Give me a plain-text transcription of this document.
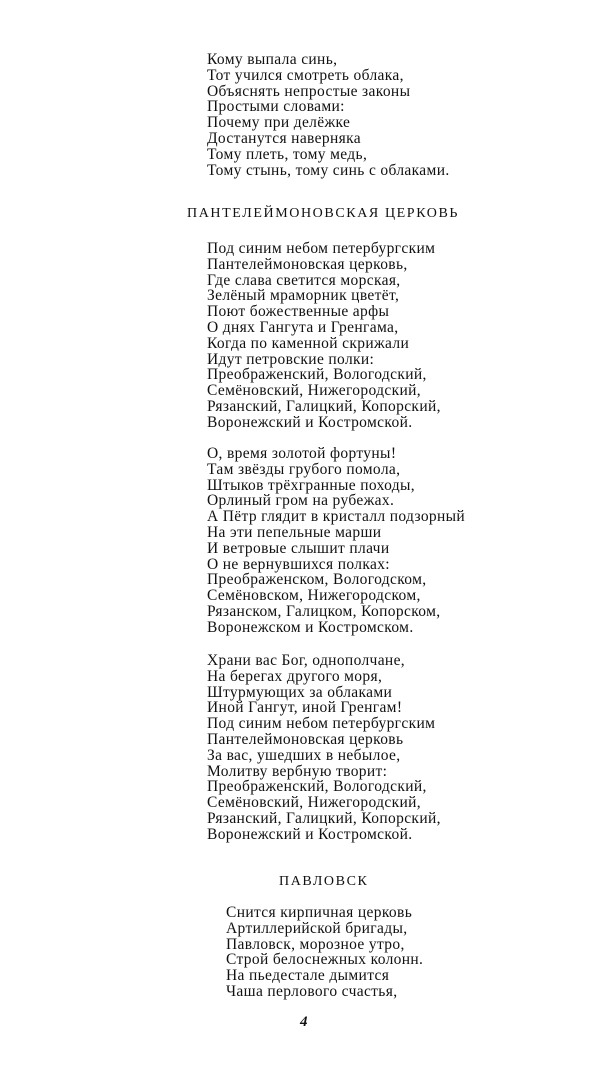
Кому выпала синь,
Тот учился смотреть облака,
Объяснять непростые законы
Простыми словами:
Почему при делёжке
Достанутся наверняка
Тому плеть, тому медь,
Тому стынь, тому синь с облаками.
ПАНТЕЛЕЙМОНОВСКАЯ ЦЕРКОВЬ
Под синим небом петербургским
Пантелеймоновская церковь,
Где слава светится морская,
Зелёный мраморник цветёт,
Поют божественные арфы
О днях Гангута и Гренгама,
Когда по каменной скрижали
Идут петровские полки:
Преображенский, Вологодский,
Семёновский, Нижегородский,
Рязанский, Галицкий, Копорский,
Воронежский и Костромской.
О, время золотой фортуны!
Там звёзды грубого помола,
Штыков трёхгранные походы,
Орлиный гром на рубежах.
А Пётр глядит в кристалл подзорный
На эти пепельные марши
И ветровые слышит плачи
О не вернувшихся полках:
Преображенском, Вологодском,
Семёновском, Нижегородском,
Рязанском, Галицком, Копорском,
Воронежском и Костромском.
Храни вас Бог, однополчане,
На берегах другого моря,
Штурмующих за облаками
Иной Гангут, иной Гренгам!
Под синим небом петербургским
Пантелеймоновская церковь
За вас, ушедших в небылое,
Молитву вербную творит:
Преображенский, Вологодский,
Семёновский, Нижегородский,
Рязанский, Галицкий, Копорский,
Воронежский и Костромской.
ПАВЛОВСК
Снится кирпичная церковь
Артиллерийской бригады,
Павловск, морозное утро,
Строй белоснежных колонн.
На пьедестале дымится
Чаша перлового счастья,
4
